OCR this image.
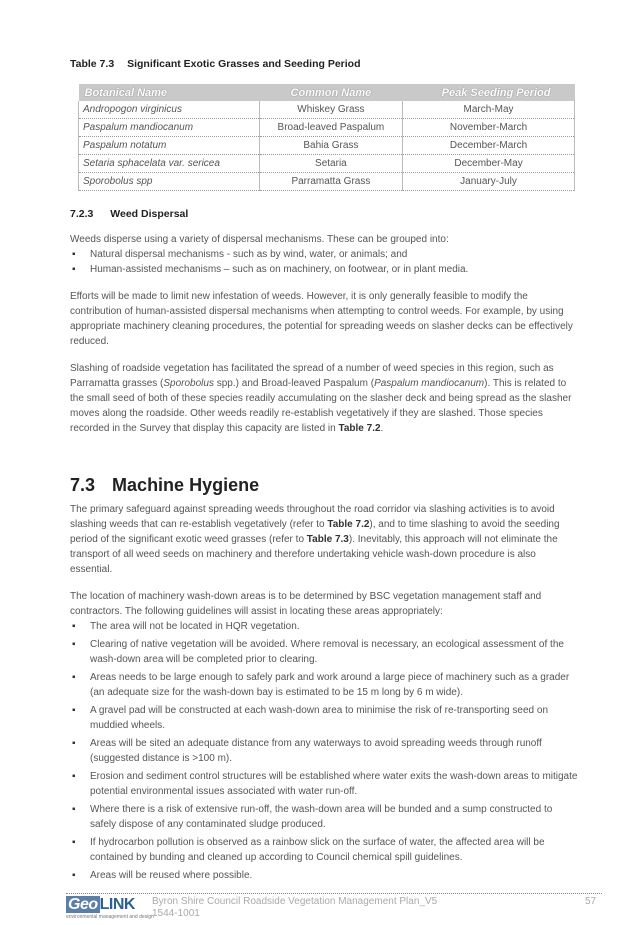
Table 7.3 Significant Exotic Grasses and Seeding Period
Botanical Name	Common Name	Peak Seeding Period
Andropogon virginicus	Whiskey Grass	March-May
Paspalum mandiocanum	Broad-leaved Paspalum	November-March
Paspalum notatum	Bahia Grass	December-March
Setaria sphacelata var. sericea	Setaria	December-May
Sporobolus spp	Parramatta Grass	January-July
7.2.3 Weed Dispersal

Weeds disperse using a variety of dispersal mechanisms. These can be grouped into:

▪ Natural dispersal mechanisms - such as by wind, water, or animals; and
▪ Human-assisted mechanisms – such as on machinery, on footwear, or in plant media.

Efforts will be made to limit new infestation of weeds. However, it is only generally feasible to modify the contribution of human-assisted dispersal mechanisms when attempting to control weeds. For example, by using appropriate machinery cleaning procedures, the potential for spreading weeds on slasher decks can be effectively reduced.

Slashing of roadside vegetation has facilitated the spread of a number of weed species in this region, such as Parramatta grasses (Sporobolus spp.) and Broad-leaved Paspalum (Paspalum mandiocanum). This is related to the small seed of both of these species readily accumulating on the slasher deck and being spread as the slasher moves along the roadside. Other weeds readily re-establish vegetatively if they are slashed. Those species recorded in the Survey that display this capacity are listed in Table 7.2.

7.3 Machine Hygiene

The primary safeguard against spreading weeds throughout the road corridor via slashing activities is to avoid slashing weeds that can re-establish vegetatively (refer to Table 7.2), and to time slashing to avoid the seeding period of the significant exotic weed grasses (refer to Table 7.3). Inevitably, this approach will not eliminate the transport of all weed seeds on machinery and therefore undertaking vehicle wash-down procedure is also essential.

The location of machinery wash-down areas is to be determined by BSC vegetation management staff and contractors. The following guidelines will assist in locating these areas appropriately:

▪ The area will not be located in HQR vegetation.
▪ Clearing of native vegetation will be avoided. Where removal is necessary, an ecological assessment of the wash-down area will be completed prior to clearing.
▪ Areas needs to be large enough to safely park and work around a large piece of machinery such as a grader (an adequate size for the wash-down bay is estimated to be 15 m long by 6 m wide).
▪ A gravel pad will be constructed at each wash-down area to minimise the risk of re-transporting seed on muddied wheels.
▪ Areas will be sited an adequate distance from any waterways to avoid spreading weeds through runoff (suggested distance is >100 m).
▪ Erosion and sediment control structures will be established where water exits the wash-down areas to mitigate potential environmental issues associated with water run-off.
▪ Where there is a risk of extensive run-off, the wash-down area will be bunded and a sump constructed to safely dispose of any contaminated sludge produced.
▪ If hydrocarbon pollution is observed as a rainbow slick on the surface of water, the affected area will be contained by bunding and cleaned up according to Council chemical spill guidelines.
▪ Areas will be reused where possible.
Geo LINK
environmental management and design
Byron Shire Council Roadside Vegetation Management Plan_V5
1544-1001
57
